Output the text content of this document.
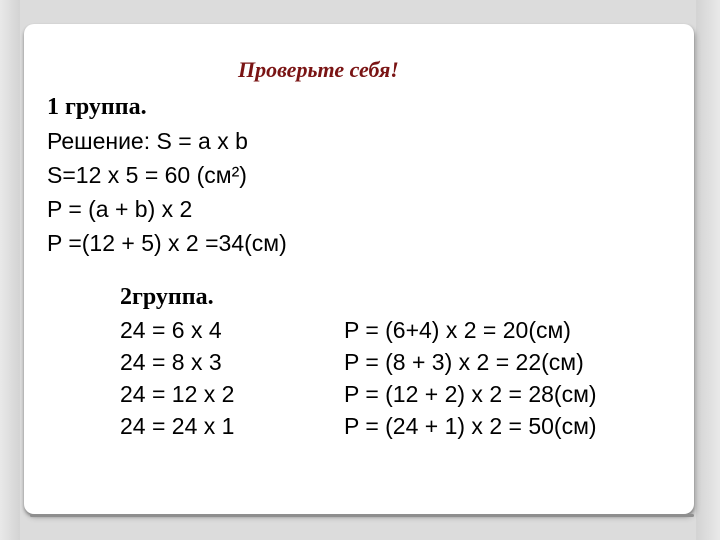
Проверьте себя!
1 группа.
Решение: S = a x b
S=12 x 5 = 60 (см²)
P = (a + b) x 2
P =(12 + 5) x 2 =34(см)
2группа.
24 = 6 x 4
24 = 8 x 3
24 = 12 x 2
24 = 24 x 1
P = (6+4) x 2 = 20(см)
P = (8 + 3) x 2 = 22(см)
P = (12 + 2) x 2 = 28(см)
P = (24 + 1) x 2 = 50(см)
